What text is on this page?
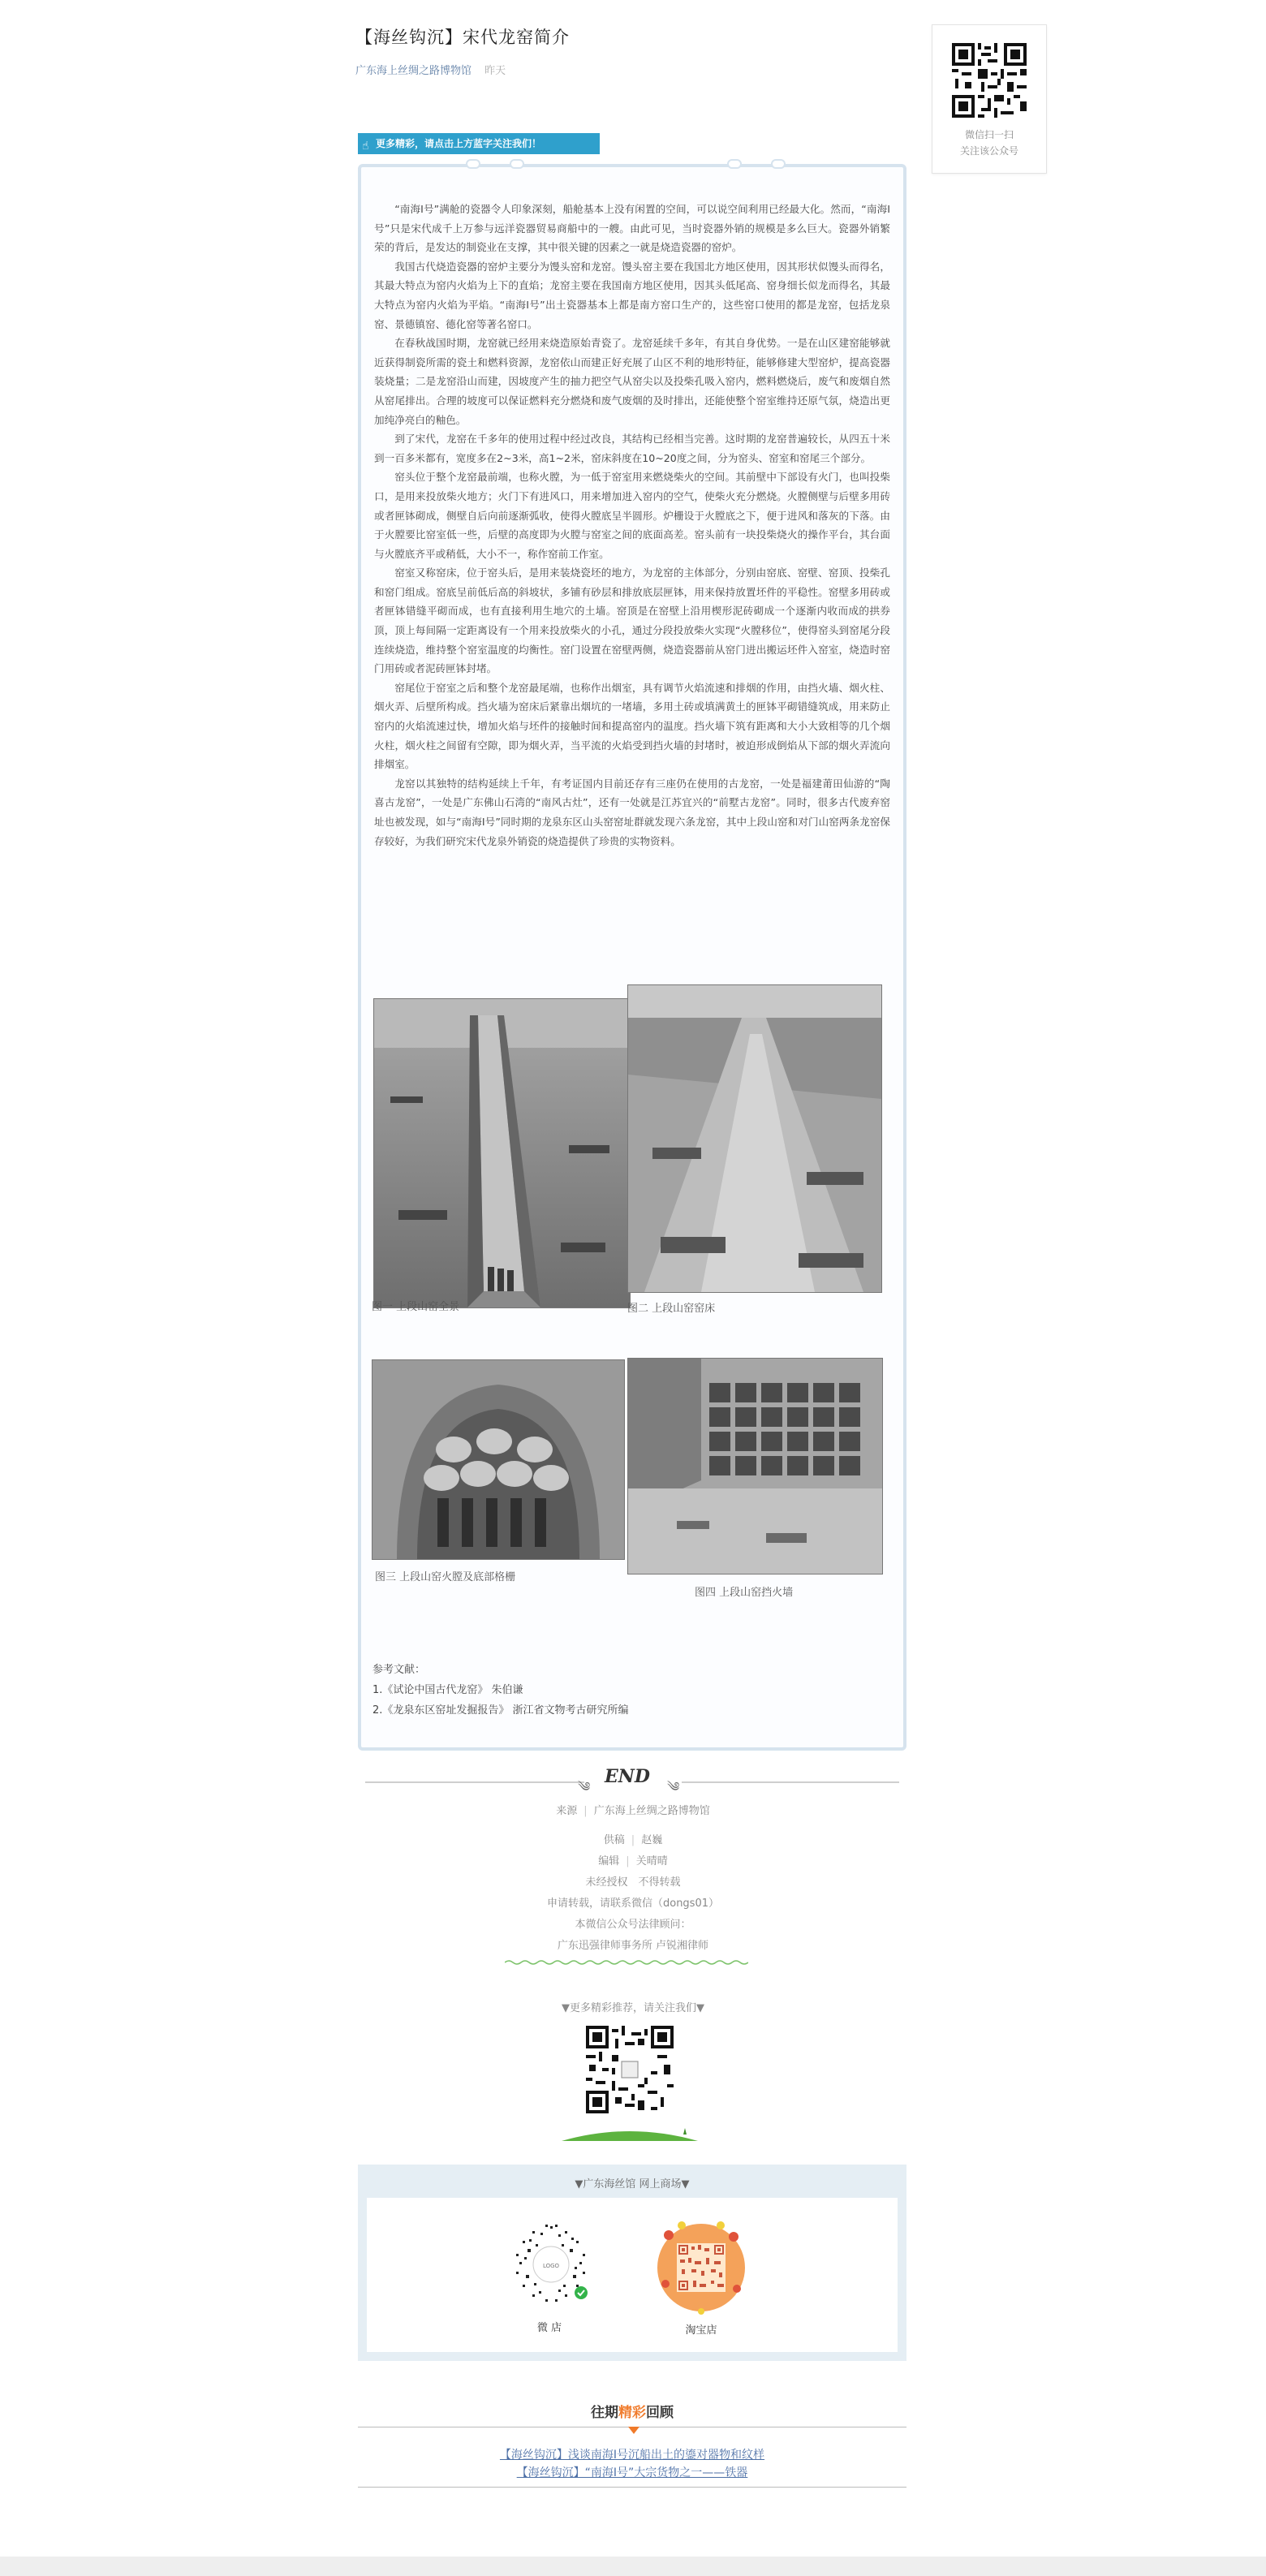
【海丝钩沉】宋代龙窑简介
广东海上丝绸之路博物馆 昨天
微信扫一扫
关注该公众号
☝ 更多精彩，请点击上方蓝字关注我们！

“南海I号”满舱的瓷器令人印象深刻，船舱基本上没有闲置的空间，可以说空间利用已经最大化。然而，“南海I号”只是宋代成千上万参与远洋瓷器贸易商船中的一艘。由此可见，当时瓷器外销的规模是多么巨大。瓷器外销繁荣的背后，是发达的制瓷业在支撑，其中很关键的因素之一就是烧造瓷器的窑炉。

我国古代烧造瓷器的窑炉主要分为馒头窑和龙窑。馒头窑主要在我国北方地区使用，因其形状似馒头而得名，其最大特点为窑内火焰为上下的直焰；龙窑主要在我国南方地区使用，因其头低尾高、窑身细长似龙而得名，其最大特点为窑内火焰为平焰。“南海I号”出土瓷器基本上都是南方窑口生产的，这些窑口使用的都是龙窑，包括龙泉窑、景德镇窑、德化窑等著名窑口。

在春秋战国时期，龙窑就已经用来烧造原始青瓷了。龙窑延续千多年，有其自身优势。一是在山区建窑能够就近获得制瓷所需的瓷土和燃料资源，龙窑依山而建正好充展了山区不利的地形特征，能够修建大型窑炉，提高瓷器装烧量；二是龙窑沿山而建，因坡度产生的抽力把空气从窑尖以及投柴孔吸入窑内，燃料燃烧后，废气和废烟自然从窑尾排出。合理的坡度可以保证燃料充分燃烧和废气废烟的及时排出，还能使整个窑室维持还原气氛，烧造出更加纯净亮白的釉色。

到了宋代，龙窑在千多年的使用过程中经过改良，其结构已经相当完善。这时期的龙窑普遍较长，从四五十米到一百多米都有，宽度多在2~3米，高1~2米，窑床斜度在10~20度之间，分为窑头、窑室和窑尾三个部分。

窑头位于整个龙窑最前端，也称火膛，为一低于窑室用来燃烧柴火的空间。其前壁中下部设有火门，也叫投柴口，是用来投放柴火地方；火门下有进风口，用来增加进入窑内的空气，使柴火充分燃烧。火膛侧壁与后壁多用砖或者匣钵砌成，侧壁自后向前逐渐弧收，使得火膛底呈半圆形。炉栅设于火膛底之下，便于进风和落灰的下落。由于火膛要比窑室低一些，后壁的高度即为火膛与窑室之间的底面高差。窑头前有一块投柴烧火的操作平台，其台面与火膛底齐平或稍低，大小不一，称作窑前工作室。

窑室又称窑床，位于窑头后，是用来装烧瓷坯的地方，为龙窑的主体部分，分别由窑底、窑壁、窑顶、投柴孔和窑门组成。窑底呈前低后高的斜坡状，多铺有砂层和排放底层匣钵，用来保持放置坯件的平稳性。窑壁多用砖或者匣钵错缝平砌而成，也有直接利用生地穴的土墙。窑顶是在窑壁上沿用楔形泥砖砌成一个逐渐内收而成的拱券顶，顶上每间隔一定距离设有一个用来投放柴火的小孔，通过分段投放柴火实现“火膛移位”，使得窑头到窑尾分段连续烧造，维持整个窑室温度的均衡性。窑门设置在窑壁两侧，烧造瓷器前从窑门进出搬运坯件入窑室，烧造时窑门用砖或者泥砖匣钵封堵。

窑尾位于窑室之后和整个龙窑最尾端，也称作出烟室，具有调节火焰流速和排烟的作用，由挡火墙、烟火柱、烟火弄、后壁所构成。挡火墙为窑床后紧靠出烟坑的一堵墙，多用土砖或填满黄土的匣钵平砌错缝筑成，用来防止窑内的火焰流速过快，增加火焰与坯件的接触时间和提高窑内的温度。挡火墙下筑有距离和大小大致相等的几个烟火柱，烟火柱之间留有空隙，即为烟火弄，当平流的火焰受到挡火墙的封堵时，被迫形成倒焰从下部的烟火弄流向排烟室。

龙窑以其独特的结构延续上千年，有考证国内目前还存有三座仍在使用的古龙窑，一处是福建莆田仙游的“陶喜古龙窑”，一处是广东佛山石湾的“南风古灶”，还有一处就是江苏宜兴的“前墅古龙窑”。同时，很多古代废弃窑址也被发现，如与“南海I号”同时期的龙泉东区山头窑窑址群就发现六条龙窑，其中上段山窑和对门山窑两条龙窑保存较好，为我们研究宋代龙泉外销瓷的烧造提供了珍贵的实物资料。

图一 上段山窑全景	图二 上段山窑窑床
图三 上段山窑火膛及底部格栅
图四 上段山窑挡火墙
参考文献：
1.《试论中国古代龙窑》 朱伯谦
2.《龙泉东区窑址发掘报告》 浙江省文物考古研究所编
༄ END ༄
来源 | 广东海上丝绸之路博物馆
供稿 | 赵巍
编辑 | 关晴晴
未经授权　不得转载
申请转载，请联系微信（dongs01）
本微信公众号法律顾问：
广东迅强律师事务所 卢锐湘律师
▼更多精彩推荐，请关注我们▼
▼广东海丝馆 网上商场▼
LOGO
微 店	淘宝店
往期精彩回顾
【海丝钩沉】浅谈南海I号沉船出土的鎏对器物和纹样
【海丝钩沉】“南海I号”大宗货物之一——铁器
